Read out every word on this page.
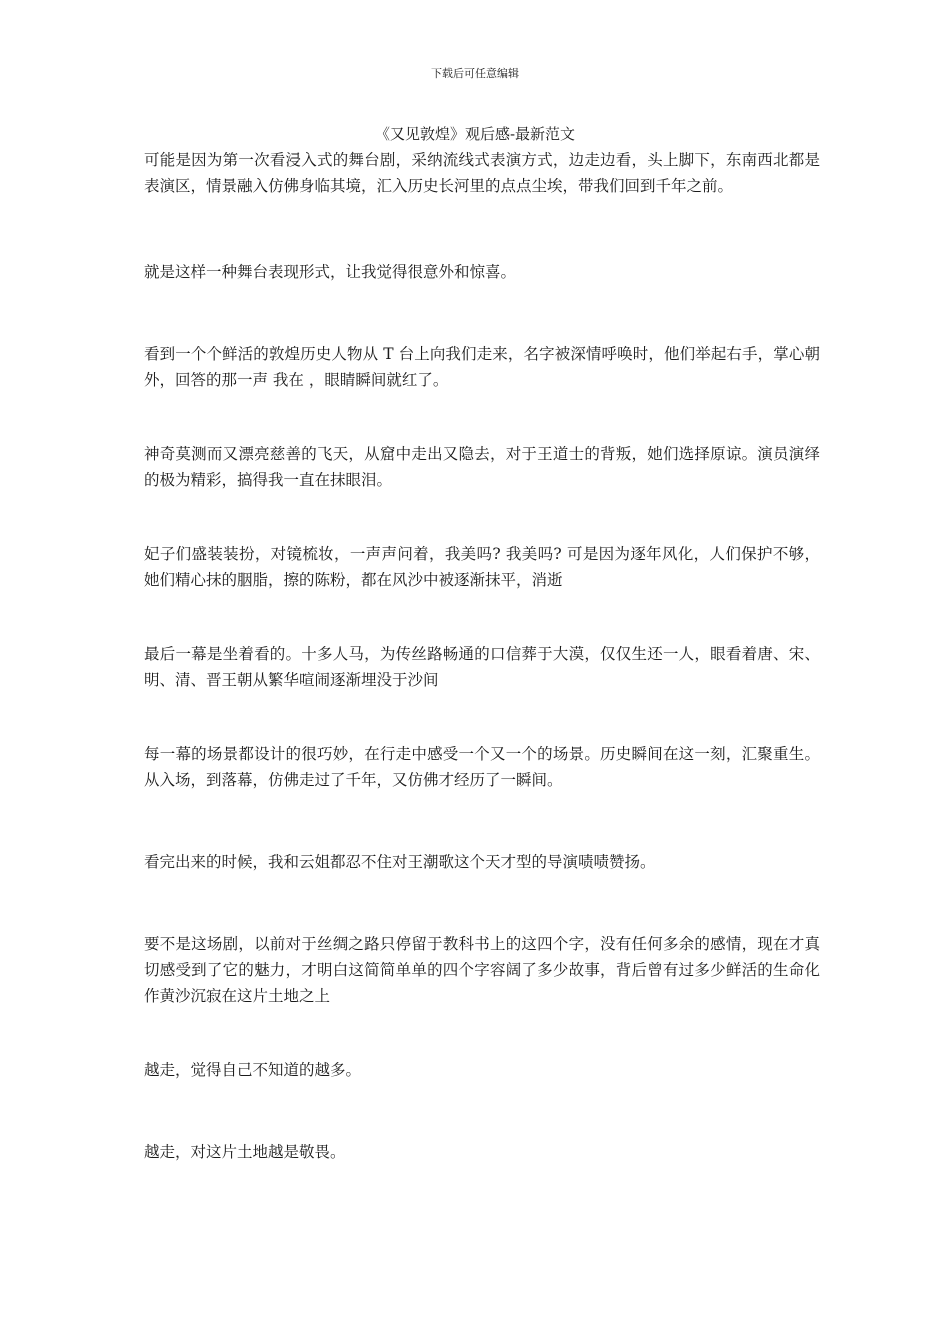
下载后可任意编辑
《又见敦煌》观后感-最新范文

可能是因为第一次看浸入式的舞台剧，采纳流线式表演方式，边走边看，头上脚下，东南西北都是表演区，情景融入仿佛身临其境，汇入历史长河里的点点尘埃，带我们回到千年之前。

就是这样一种舞台表现形式，让我觉得很意外和惊喜。

看到一个个鲜活的敦煌历史人物从 T 台上向我们走来，名字被深情呼唤时，他们举起右手，掌心朝外，回答的那一声 我在 ，眼睛瞬间就红了。

神奇莫测而又漂亮慈善的飞天，从窟中走出又隐去，对于王道士的背叛，她们选择原谅。演员演绎的极为精彩，搞得我一直在抹眼泪。

妃子们盛装装扮，对镜梳妆，一声声问着，我美吗? 我美吗? 可是因为逐年风化，人们保护不够，她们精心抹的胭脂，擦的陈粉，都在风沙中被逐渐抹平，消逝

最后一幕是坐着看的。十多人马，为传丝路畅通的口信葬于大漠，仅仅生还一人，眼看着唐、宋、明、清、晋王朝从繁华喧闹逐渐埋没于沙间

每一幕的场景都设计的很巧妙，在行走中感受一个又一个的场景。历史瞬间在这一刻，汇聚重生。从入场，到落幕，仿佛走过了千年，又仿佛才经历了一瞬间。

看完出来的时候，我和云姐都忍不住对王潮歌这个天才型的导演啧啧赞扬。

要不是这场剧，以前对于丝绸之路只停留于教科书上的这四个字，没有任何多余的感情，现在才真切感受到了它的魅力，才明白这简简单单的四个字容阔了多少故事，背后曾有过多少鲜活的生命化作黄沙沉寂在这片土地之上

越走，觉得自己不知道的越多。

越走，对这片土地越是敬畏。
